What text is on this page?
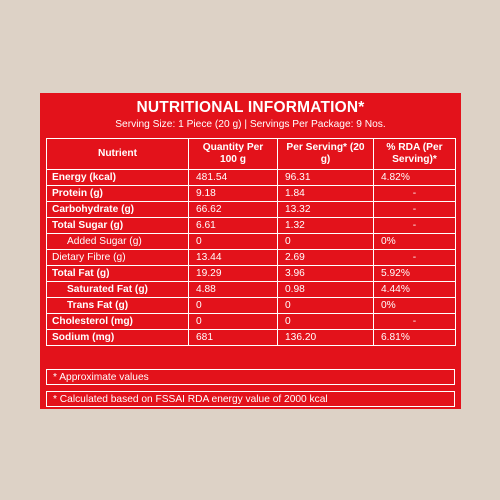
NUTRITIONAL INFORMATION*
Serving Size: 1 Piece (20 g) | Servings Per Package: 9 Nos.
Nutrient	Quantity Per 100 g	Per Serving* (20 g)	% RDA (Per Serving)*
Energy (kcal)	481.54	96.31	4.82%
Protein (g)	9.18	1.84	-
Carbohydrate (g)	66.62	13.32	-
Total Sugar (g)	6.61	1.32	-
Added Sugar (g)	0	0	0%
Dietary Fibre (g)	13.44	2.69	-
Total Fat (g)	19.29	3.96	5.92%
Saturated Fat (g)	4.88	0.98	4.44%
Trans Fat (g)	0	0	0%
Cholesterol (mg)	0	0	-
Sodium (mg)	681	136.20	6.81%
* Approximate values
* Calculated based on FSSAI RDA energy value of 2000 kcal
